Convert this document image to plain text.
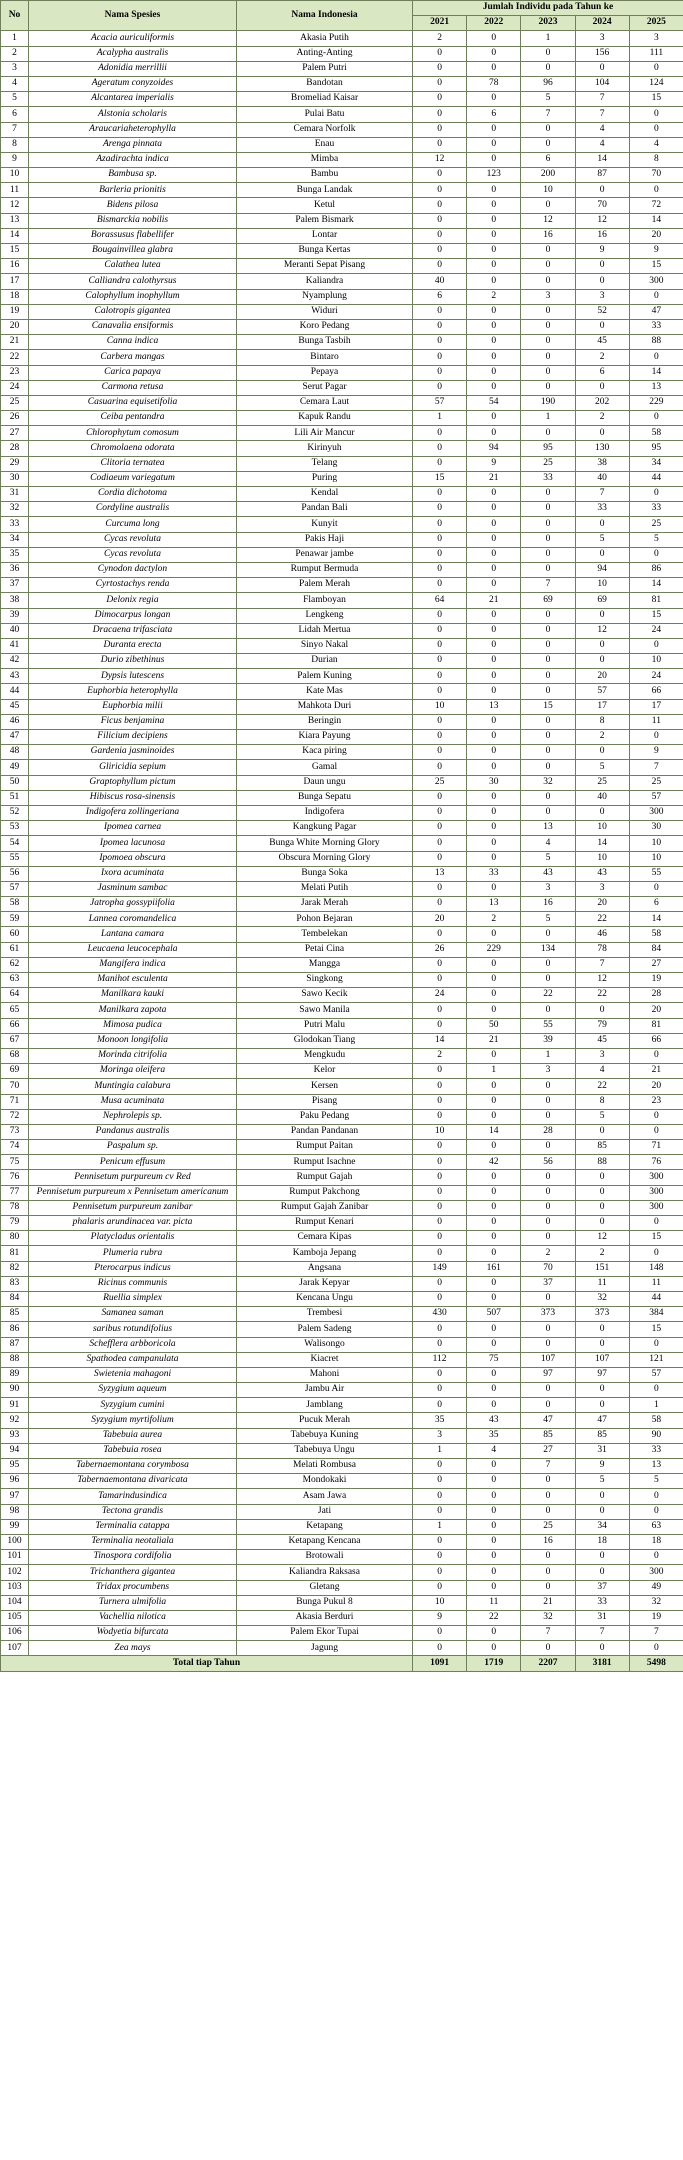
No	Nama Spesies	Nama Indonesia	Jumlah Individu pada Tahun ke				
			2021	2022	2023	2024	2025
1	Acacia auriculiformis	Akasia Putih	2	0	1	3	3
2	Acalypha australis	Anting-Anting	0	0	0	156	111
3	Adonidia merrillii	Palem Putri	0	0	0	0	0
4	Ageratum conyzoides	Bandotan	0	78	96	104	124
5	Alcantarea imperialis	Bromeliad Kaisar	0	0	5	7	15
6	Alstonia scholaris	Pulai Batu	0	6	7	7	0
7	Araucariaheterophylla	Cemara Norfolk	0	0	0	4	0
8	Arenga pinnata	Enau	0	0	0	4	4
9	Azadirachta indica	Mimba	12	0	6	14	8
10	Bambusa sp.	Bambu	0	123	200	87	70
11	Barleria prionitis	Bunga Landak	0	0	10	0	0
12	Bidens pilosa	Ketul	0	0	0	70	72
13	Bismarckia nobilis	Palem Bismark	0	0	12	12	14
14	Borassusus flabellifer	Lontar	0	0	16	16	20
15	Bougainvillea glabra	Bunga Kertas	0	0	0	9	9
16	Calathea lutea	Meranti Sepat Pisang	0	0	0	0	15
17	Calliandra calothyrsus	Kaliandra	40	0	0	0	300
18	Calophyllum inophyllum	Nyamplung	6	2	3	3	0
19	Calotropis gigantea	Widuri	0	0	0	52	47
20	Canavalia ensiformis	Koro Pedang	0	0	0	0	33
21	Canna indica	Bunga Tasbih	0	0	0	45	88
22	Carbera mangas	Bintaro	0	0	0	2	0
23	Carica papaya	Pepaya	0	0	0	6	14
24	Carmona retusa	Serut Pagar	0	0	0	0	13
25	Casuarina equisetifolia	Cemara Laut	57	54	190	202	229
26	Ceiba pentandra	Kapuk Randu	1	0	1	2	0
27	Chlorophytum comosum	Lili Air Mancur	0	0	0	0	58
28	Chromolaena odorata	Kirinyuh	0	94	95	130	95
29	Clitoria ternatea	Telang	0	9	25	38	34
30	Codiaeum variegatum	Puring	15	21	33	40	44
31	Cordia dichotoma	Kendal	0	0	0	7	0
32	Cordyline australis	Pandan Bali	0	0	0	33	33
33	Curcuma long	Kunyit	0	0	0	0	25
34	Cycas revoluta	Pakis Haji	0	0	0	5	5
35	Cycas revoluta	Penawar jambe	0	0	0	0	0
36	Cynodon dactylon	Rumput Bermuda	0	0	0	94	86
37	Cyrtostachys renda	Palem Merah	0	0	7	10	14
38	Delonix regia	Flamboyan	64	21	69	69	81
39	Dimocarpus longan	Lengkeng	0	0	0	0	15
40	Dracaena trifasciata	Lidah Mertua	0	0	0	12	24
41	Duranta erecta	Sinyo Nakal	0	0	0	0	0
42	Durio zibethinus	Durian	0	0	0	0	10
43	Dypsis lutescens	Palem Kuning	0	0	0	20	24
44	Euphorbia heterophylla	Kate Mas	0	0	0	57	66
45	Euphorbia milii	Mahkota Duri	10	13	15	17	17
46	Ficus benjamina	Beringin	0	0	0	8	11
47	Filicium decipiens	Kiara Payung	0	0	0	2	0
48	Gardenia jasminoides	Kaca piring	0	0	0	0	9
49	Gliricidia sepium	Gamal	0	0	0	5	7
50	Graptophyllum pictum	Daun ungu	25	30	32	25	25
51	Hibiscus rosa-sinensis	Bunga Sepatu	0	0	0	40	57
52	Indigofera zollingeriana	Indigofera	0	0	0	0	300
53	Ipomea carnea	Kangkung Pagar	0	0	13	10	30
54	Ipomea lacunosa	Bunga White Morning Glory	0	0	4	14	10
55	Ipomoea obscura	Obscura Morning Glory	0	0	5	10	10
56	Ixora acuminata	Bunga Soka	13	33	43	43	55
57	Jasminum sambac	Melati Putih	0	0	3	3	0
58	Jatropha gossypiifolia	Jarak Merah	0	13	16	20	6
59	Lannea coromandelica	Pohon Bejaran	20	2	5	22	14
60	Lantana camara	Tembelekan	0	0	0	46	58
61	Leucaena leucocephala	Petai Cina	26	229	134	78	84
62	Mangifera indica	Mangga	0	0	0	7	27
63	Manihot esculenta	Singkong	0	0	0	12	19
64	Manilkara kauki	Sawo Kecik	24	0	22	22	28
65	Manilkara zapota	Sawo Manila	0	0	0	0	20
66	Mimosa pudica	Putri Malu	0	50	55	79	81
67	Monoon longifolia	Glodokan Tiang	14	21	39	45	66
68	Morinda citrifolia	Mengkudu	2	0	1	3	0
69	Moringa oleifera	Kelor	0	1	3	4	21
70	Muntingia calabura	Kersen	0	0	0	22	20
71	Musa acuminata	Pisang	0	0	0	8	23
72	Nephrolepis sp.	Paku Pedang	0	0	0	5	0
73	Pandanus australis	Pandan Pandanan	10	14	28	0	0
74	Paspalum sp.	Rumput Paitan	0	0	0	85	71
75	Penicum effusum	Rumput Isachne	0	42	56	88	76
76	Pennisetum purpureum cv Red	Rumput Gajah	0	0	0	0	300
77	Pennisetum purpureum x Pennisetum americanum	Rumput Pakchong	0	0	0	0	300
78	Pennisetum purpureum zanibar	Rumput Gajah Zanibar	0	0	0	0	300
79	phalaris arundinacea var. picta	Rumput Kenari	0	0	0	0	0
80	Platycladus orientalis	Cemara Kipas	0	0	0	12	15
81	Plumeria rubra	Kamboja Jepang	0	0	2	2	0
82	Pterocarpus indicus	Angsana	149	161	70	151	148
83	Ricinus communis	Jarak Kepyar	0	0	37	11	11
84	Ruellia simplex	Kencana Ungu	0	0	0	32	44
85	Samanea saman	Trembesi	430	507	373	373	384
86	saribus rotundifolius	Palem Sadeng	0	0	0	0	15
87	Schefflera arbboricola	Walisongo	0	0	0	0	0
88	Spathodea campanulata	Kiacret	112	75	107	107	121
89	Swietenia mahagoni	Mahoni	0	0	97	97	57
90	Syzygium aqueum	Jambu Air	0	0	0	0	0
91	Syzygium cumini	Jamblang	0	0	0	0	1
92	Syzygium myrtifolium	Pucuk Merah	35	43	47	47	58
93	Tabebuia aurea	Tabebuya Kuning	3	35	85	85	90
94	Tabebuia rosea	Tabebuya Ungu	1	4	27	31	33
95	Tabernaemontana corymbosa	Melati Rombusa	0	0	7	9	13
96	Tabernaemontana divaricata	Mondokaki	0	0	0	5	5
97	Tamarindusindica	Asam Jawa	0	0	0	0	0
98	Tectona grandis	Jati	0	0	0	0	0
99	Terminalia catappa	Ketapang	1	0	25	34	63
100	Terminalia neotaliala	Ketapang Kencana	0	0	16	18	18
101	Tinospora cordifolia	Brotowali	0	0	0	0	0
102	Trichanthera gigantea	Kaliandra Raksasa	0	0	0	0	300
103	Tridax procumbens	Gletang	0	0	0	37	49
104	Turnera ulmifolia	Bunga Pukul 8	10	11	21	33	32
105	Vachellia nilotica	Akasia Berduri	9	22	32	31	19
106	Wodyetia bifurcata	Palem Ekor Tupai	0	0	7	7	7
107	Zea mays	Jagung	0	0	0	0	0
Total tiap Tahun			1091	1719	2207	3181	5498
